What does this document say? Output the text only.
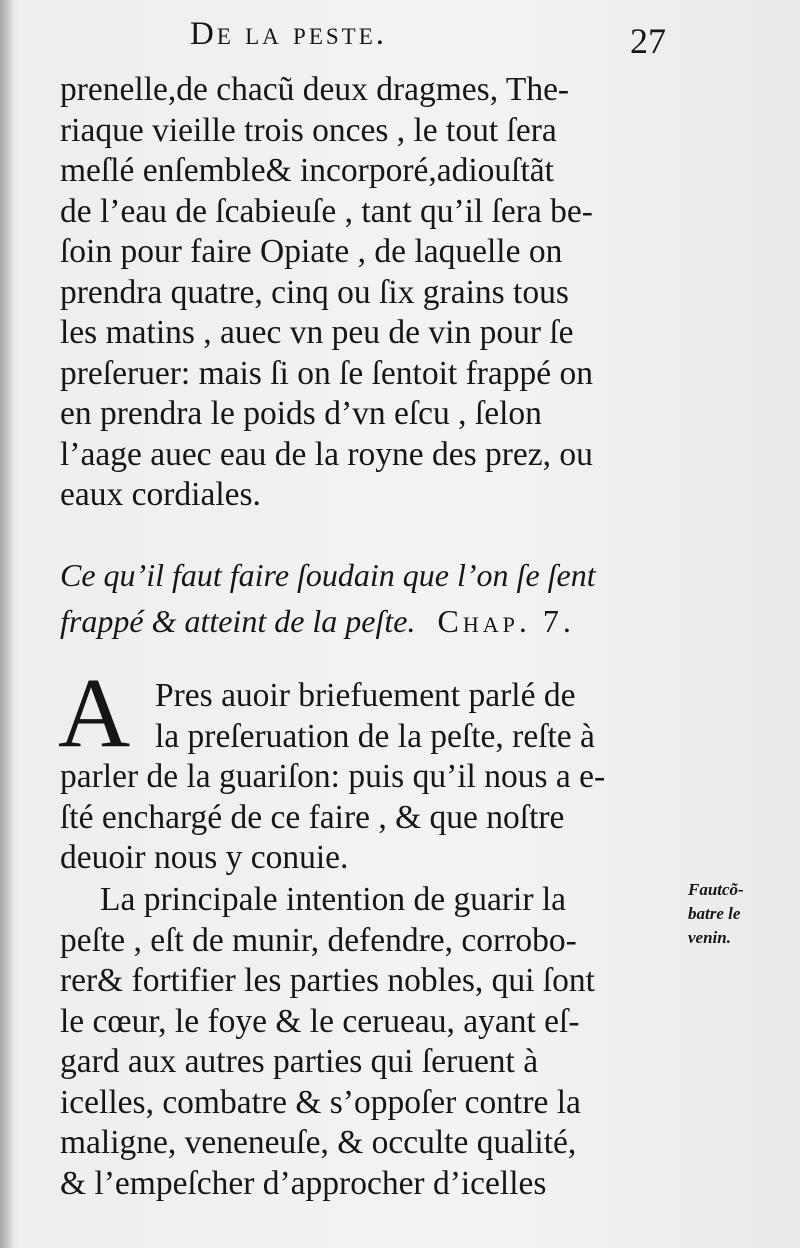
De la peste.	27
prenelle,de chacũ deux dragmes, The-
riaque vieille trois onces , le tout ſera
meſlé enſemble& incorporé,adiouſtãt
de l’eau de ſcabieuſe , tant qu’il ſera be-
ſoin pour faire Opiate , de laquelle on
prendra quatre, cinq ou ſix grains tous
les matins , auec vn peu de vin pour ſe
preſeruer: mais ſi on ſe ſentoit frappé on
en prendra le poids d’vn eſcu , ſelon
l’aage auec eau de la royne des prez, ou
eaux cordiales.
Ce qu’il faut faire ſoudain que l’on ſe ſent
frappé & atteint de la peſte. Chap. 7.
A Pres auoir briefuement parlé de
la preſeruation de la peſte, reſte à
parler de la guariſon: puis qu’il nous a e-
ſté enchargé de ce faire , & que noſtre
deuoir nous y conuie.
La principale intention de guarir la
peſte , eſt de munir, defendre, corrobo-
rer& fortifier les parties nobles, qui ſont
le cœur, le foye & le cerueau, ayant eſ-
gard aux autres parties qui ſeruent à
icelles, combatre & s’oppoſer contre la
maligne, veneneuſe, & occulte qualité,
& l’empeſcher d’approcher d’icelles
Fautcõ-
batre le
venin.
